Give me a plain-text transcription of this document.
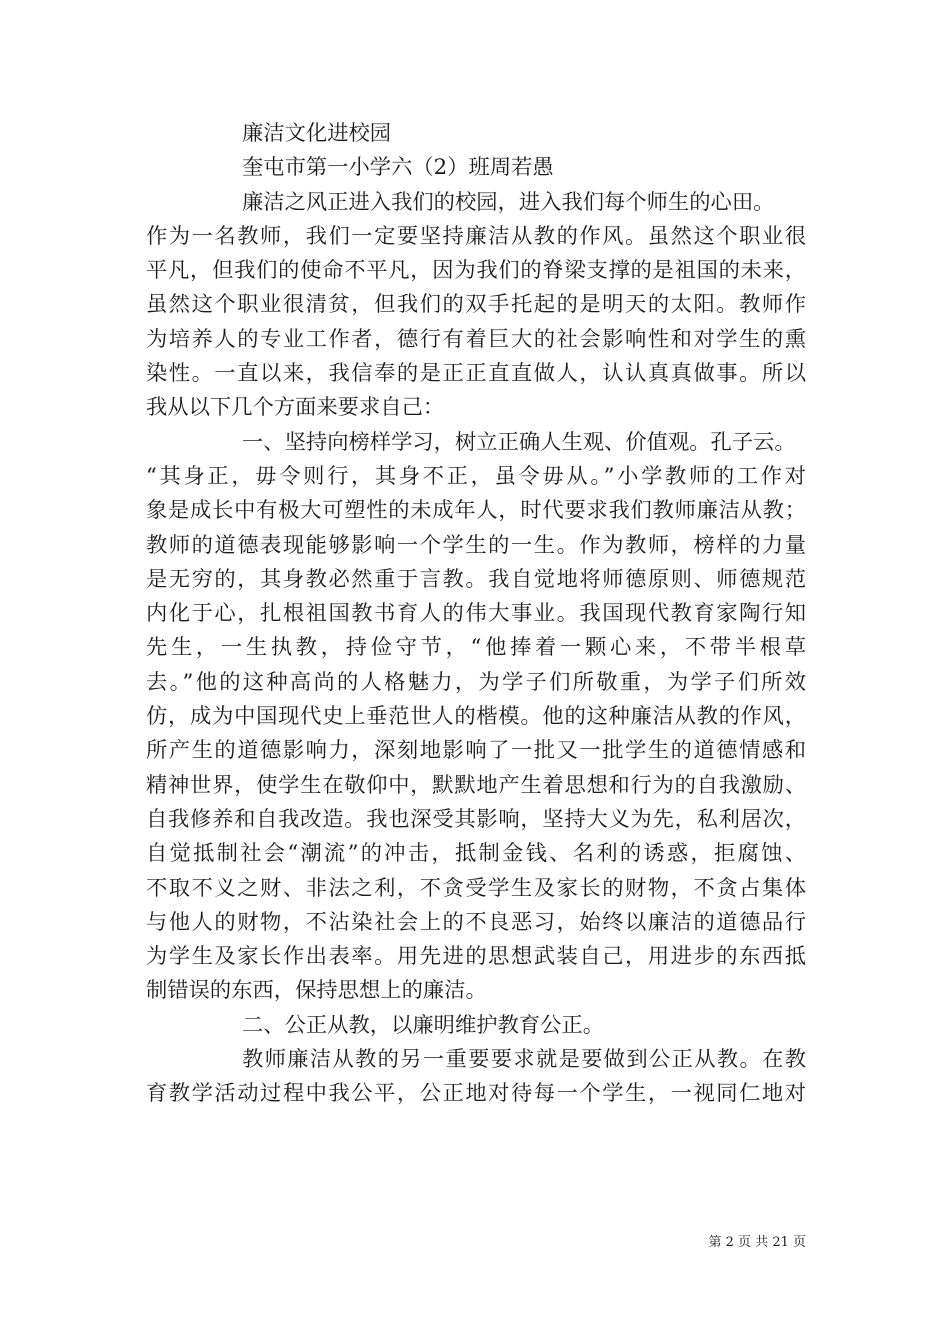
廉洁文化进校园
奎屯市第一小学六（2）班周若愚
廉洁之风正进入我们的校园，进入我们每个师生的心田。
作为一名教师，我们一定要坚持廉洁从教的作风。虽然这个职业很
平凡，但我们的使命不平凡，因为我们的脊梁支撑的是祖国的未来，
虽然这个职业很清贫，但我们的双手托起的是明天的太阳。教师作
为培养人的专业工作者，德行有着巨大的社会影响性和对学生的熏
染性。一直以来，我信奉的是正正直直做人，认认真真做事。所以
我从以下几个方面来要求自己：
一、坚持向榜样学习，树立正确人生观、价值观。孔子云。
“其身正，毋令则行，其身不正，虽令毋从。”小学教师的工作对
象是成长中有极大可塑性的未成年人，时代要求我们教师廉洁从教；
教师的道德表现能够影响一个学生的一生。作为教师，榜样的力量
是无穷的，其身教必然重于言教。我自觉地将师德原则、师德规范
内化于心，扎根祖国教书育人的伟大事业。我国现代教育家陶行知
先生，一生执教，持俭守节，“他捧着一颗心来，不带半根草
去。”他的这种高尚的人格魅力，为学子们所敬重，为学子们所效
仿，成为中国现代史上垂范世人的楷模。他的这种廉洁从教的作风，
所产生的道德影响力，深刻地影响了一批又一批学生的道德情感和
精神世界，使学生在敬仰中，默默地产生着思想和行为的自我激励、
自我修养和自我改造。我也深受其影响，坚持大义为先，私利居次，
自觉抵制社会“潮流”的冲击，抵制金钱、名利的诱惑，拒腐蚀、
不取不义之财、非法之利，不贪受学生及家长的财物，不贪占集体
与他人的财物，不沾染社会上的不良恶习，始终以廉洁的道德品行
为学生及家长作出表率。用先进的思想武装自己，用进步的东西抵
制错误的东西，保持思想上的廉洁。
二、公正从教，以廉明维护教育公正。
教师廉洁从教的另一重要要求就是要做到公正从教。在教
育教学活动过程中我公平，公正地对待每一个学生，一视同仁地对
第 2 页 共 21 页
